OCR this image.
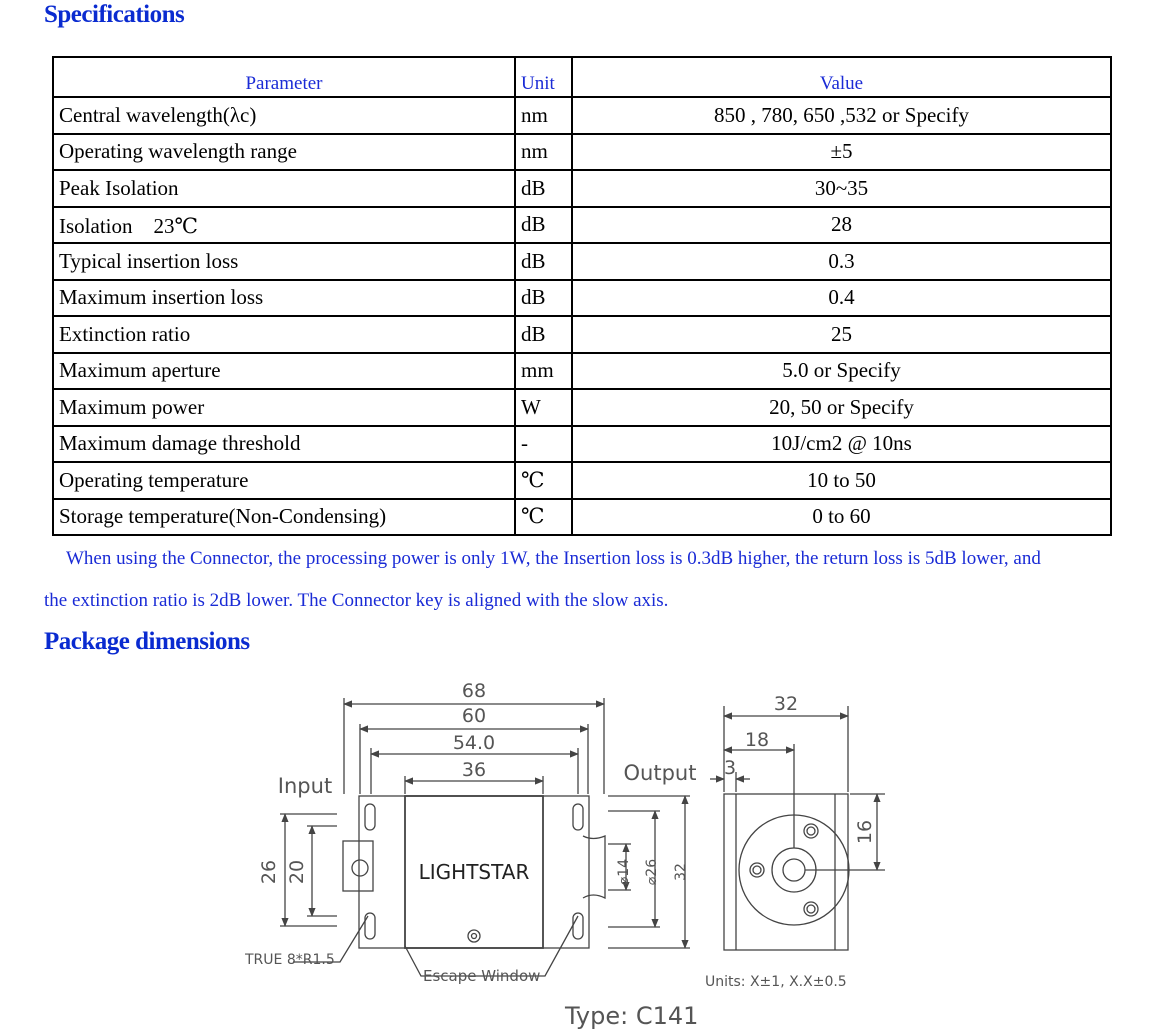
Specifications
Parameter	Unit	Value
Central wavelength(λc)	nm	850 , 780, 650 ,532 or Specify
Operating wavelength range	nm	±5
Peak Isolation	dB	30~35
Isolation　23℃	dB	28
Typical insertion loss	dB	0.3
Maximum insertion loss	dB	0.4
Extinction ratio	dB	25
Maximum aperture	mm	5.0 or Specify
Maximum power	W	20, 50 or Specify
Maximum damage threshold	-	10J/cm2 @ 10ns
Operating temperature	℃	10 to 50
Storage temperature(Non-Condensing)	℃	0 to 60

When using the Connector, the processing power is only 1W, the Insertion loss is 0.3dB higher, the return loss is 5dB lower, and

the extinction ratio is 2dB lower. The Connector key is aligned with the slow axis.

Package dimensions
68
60
54.0
36
32
18
3
Input
Output
LIGHTSTAR
26 20	⌀14 ⌀26 32
16
TRUE 8*R1.5
Escape Window	Units: X±1, X.X±0.5
Type: C141
